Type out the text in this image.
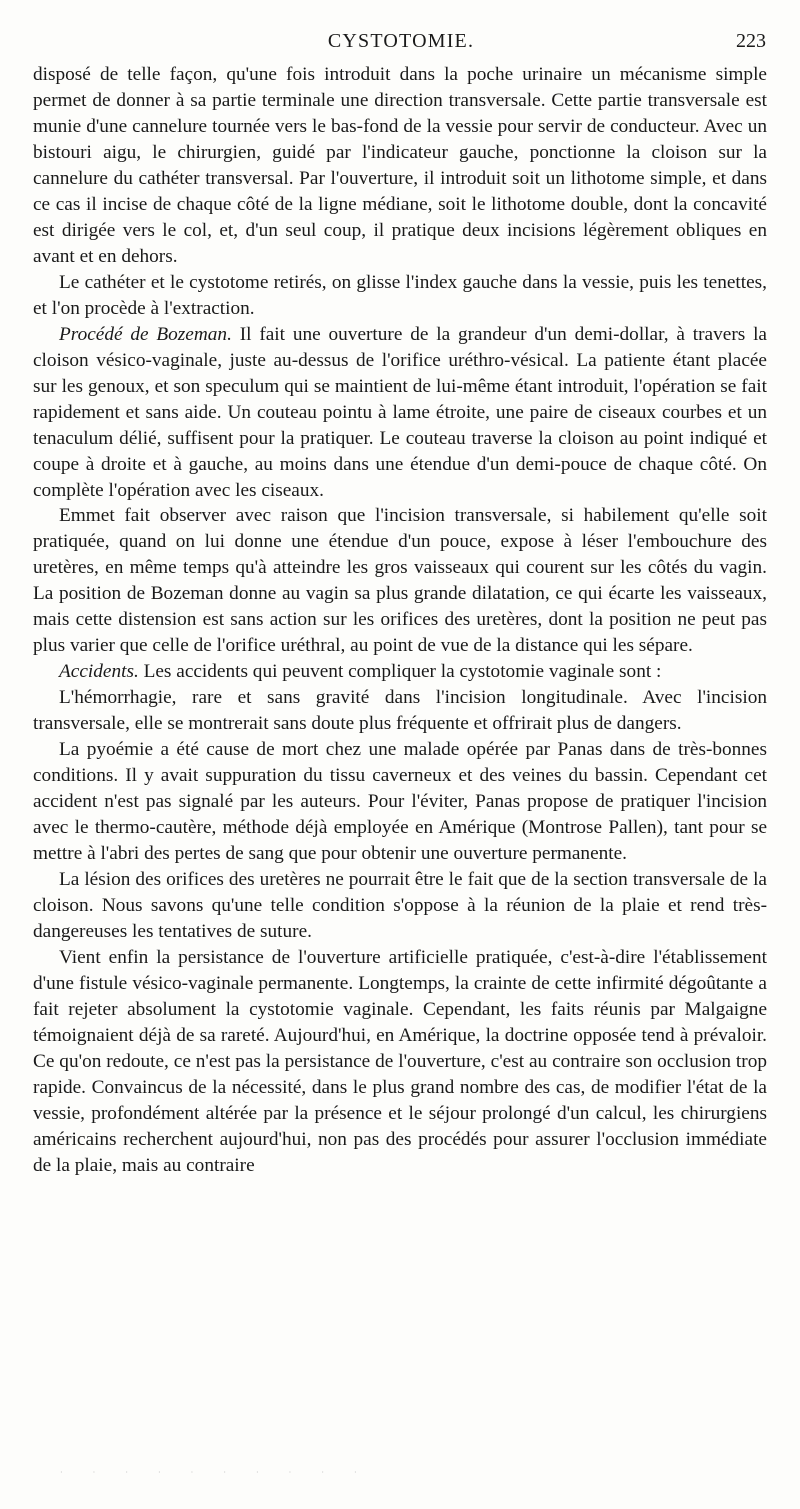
CYSTOTOMIE.	223

disposé de telle façon, qu'une fois introduit dans la poche urinaire un mécanisme simple permet de donner à sa partie terminale une direction transversale. Cette partie transversale est munie d'une cannelure tournée vers le bas-fond de la vessie pour servir de conducteur. Avec un bistouri aigu, le chirurgien, guidé par l'indicateur gauche, ponctionne la cloison sur la cannelure du cathéter transversal. Par l'ouverture, il introduit soit un lithotome simple, et dans ce cas il incise de chaque côté de la ligne médiane, soit le lithotome double, dont la concavité est dirigée vers le col, et, d'un seul coup, il pratique deux incisions légèrement obliques en avant et en dehors.

Le cathéter et le cystotome retirés, on glisse l'index gauche dans la vessie, puis les tenettes, et l'on procède à l'extraction.

Procédé de Bozeman. Il fait une ouverture de la grandeur d'un demi-dollar, à travers la cloison vésico-vaginale, juste au-dessus de l'orifice uréthro-vésical. La patiente étant placée sur les genoux, et son speculum qui se maintient de lui-même étant introduit, l'opération se fait rapidement et sans aide. Un couteau pointu à lame étroite, une paire de ciseaux courbes et un tenaculum délié, suffisent pour la pratiquer. Le couteau traverse la cloison au point indiqué et coupe à droite et à gauche, au moins dans une étendue d'un demi-pouce de chaque côté. On complète l'opération avec les ciseaux.

Emmet fait observer avec raison que l'incision transversale, si habilement qu'elle soit pratiquée, quand on lui donne une étendue d'un pouce, expose à léser l'embouchure des uretères, en même temps qu'à atteindre les gros vaisseaux qui courent sur les côtés du vagin. La position de Bozeman donne au vagin sa plus grande dilatation, ce qui écarte les vaisseaux, mais cette distension est sans action sur les orifices des uretères, dont la position ne peut pas plus varier que celle de l'orifice uréthral, au point de vue de la distance qui les sépare.

Accidents. Les accidents qui peuvent compliquer la cystotomie vaginale sont :

L'hémorrhagie, rare et sans gravité dans l'incision longitudinale. Avec l'incision transversale, elle se montrerait sans doute plus fréquente et offrirait plus de dangers.

La pyoémie a été cause de mort chez une malade opérée par Panas dans de très-bonnes conditions. Il y avait suppuration du tissu caverneux et des veines du bassin. Cependant cet accident n'est pas signalé par les auteurs. Pour l'éviter, Panas propose de pratiquer l'incision avec le thermo-cautère, méthode déjà employée en Amérique (Montrose Pallen), tant pour se mettre à l'abri des pertes de sang que pour obtenir une ouverture permanente.

La lésion des orifices des uretères ne pourrait être le fait que de la section transversale de la cloison. Nous savons qu'une telle condition s'oppose à la réunion de la plaie et rend très-dangereuses les tentatives de suture.

Vient enfin la persistance de l'ouverture artificielle pratiquée, c'est-à-dire l'établissement d'une fistule vésico-vaginale permanente. Longtemps, la crainte de cette infirmité dégoûtante a fait rejeter absolument la cystotomie vaginale. Cependant, les faits réunis par Malgaigne témoignaient déjà de sa rareté. Aujourd'hui, en Amérique, la doctrine opposée tend à prévaloir. Ce qu'on redoute, ce n'est pas la persistance de l'ouverture, c'est au contraire son occlusion trop rapide. Convaincus de la nécessité, dans le plus grand nombre des cas, de modifier l'état de la vessie, profondément altérée par la présence et le séjour prolongé d'un calcul, les chirurgiens américains recherchent aujourd'hui, non pas des procédés pour assurer l'occlusion immédiate de la plaie, mais au contraire

· · · · · · · · · ·
